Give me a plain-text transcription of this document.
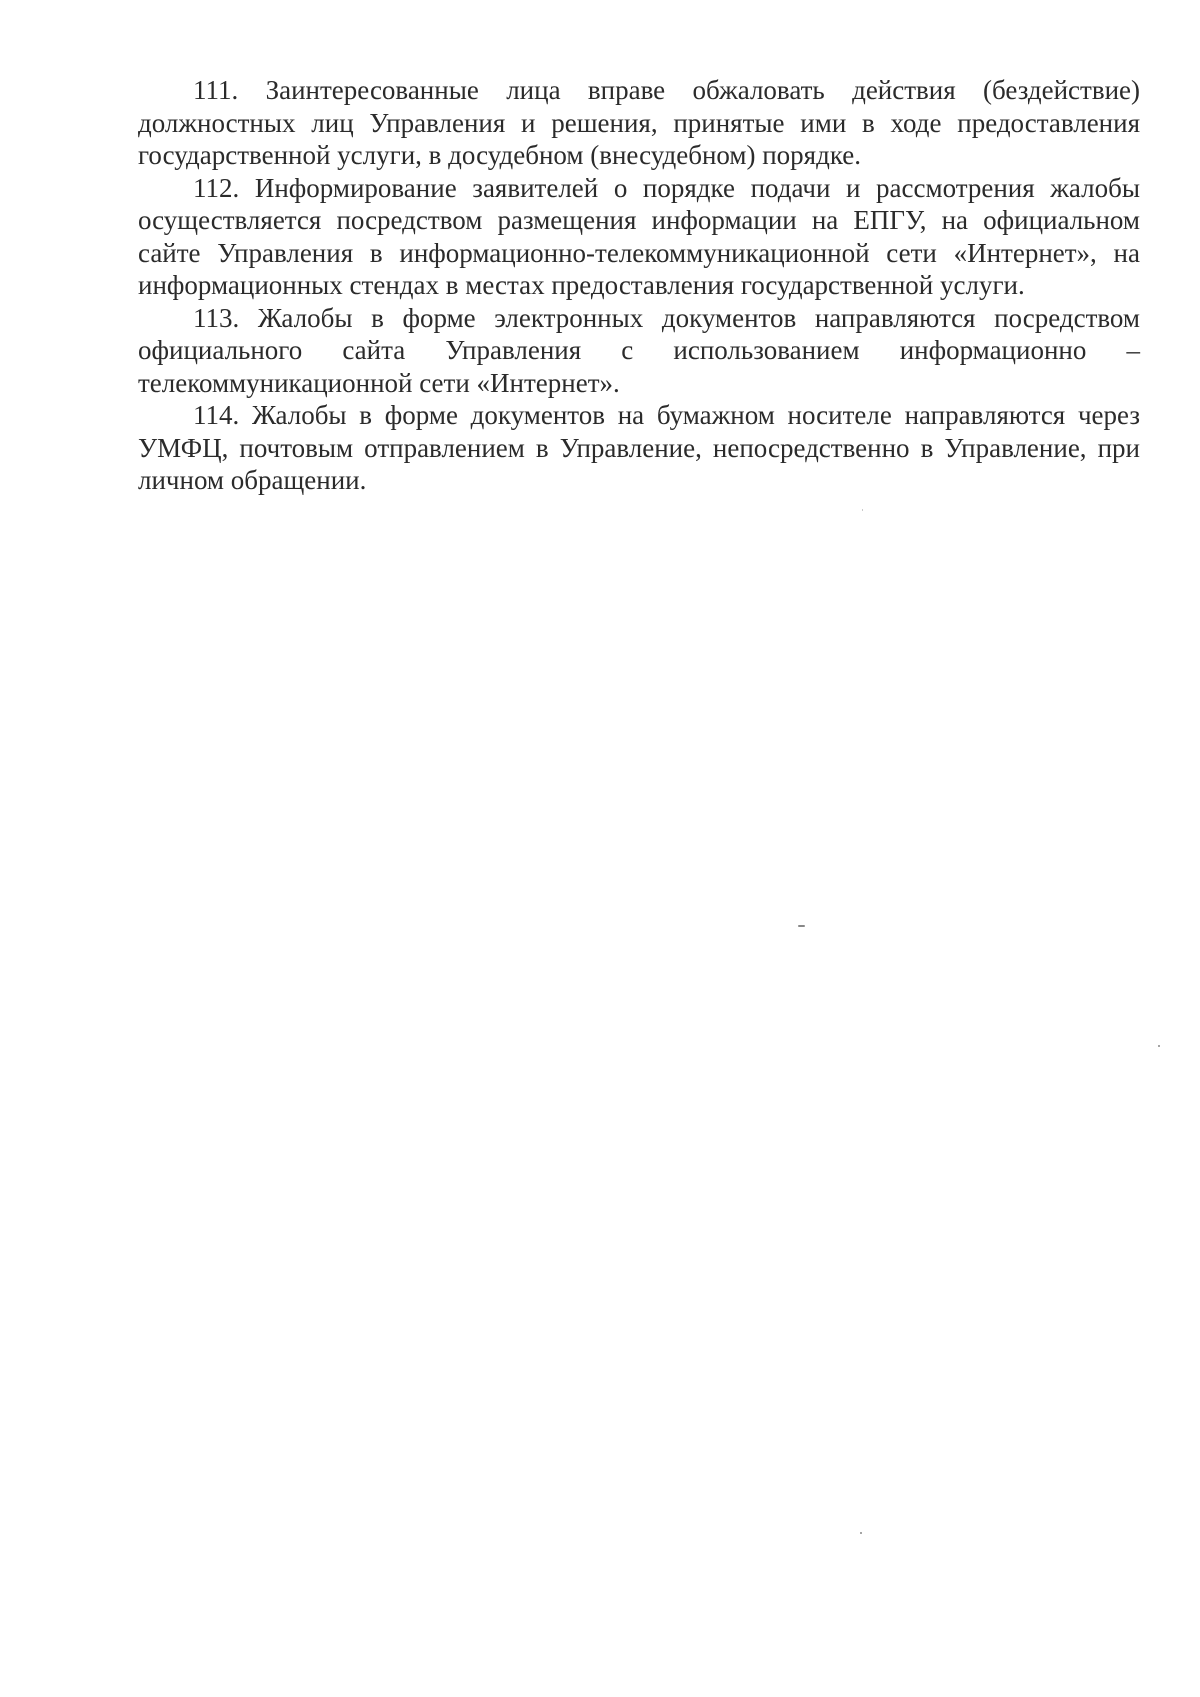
111. Заинтересованные лица вправе обжаловать действия (бездействие) должностных лиц Управления и решения, принятые ими в ходе предоставления государственной услуги, в досудебном (внесудебном) порядке.

112. Информирование заявителей о порядке подачи и рассмотрения жалобы осуществляется посредством размещения информации на ЕПГУ, на официальном сайте Управления в информационно-телекоммуникационной сети «Интернет», на информационных стендах в местах предоставления государственной услуги.

113. Жалобы в форме электронных документов направляются посредством официального сайта Управления с использованием информационно – телекоммуникационной сети «Интернет».

114. Жалобы в форме документов на бумажном носителе направляются через УМФЦ, почтовым отправлением в Управление, непосредственно в Управление, при личном обращении.
